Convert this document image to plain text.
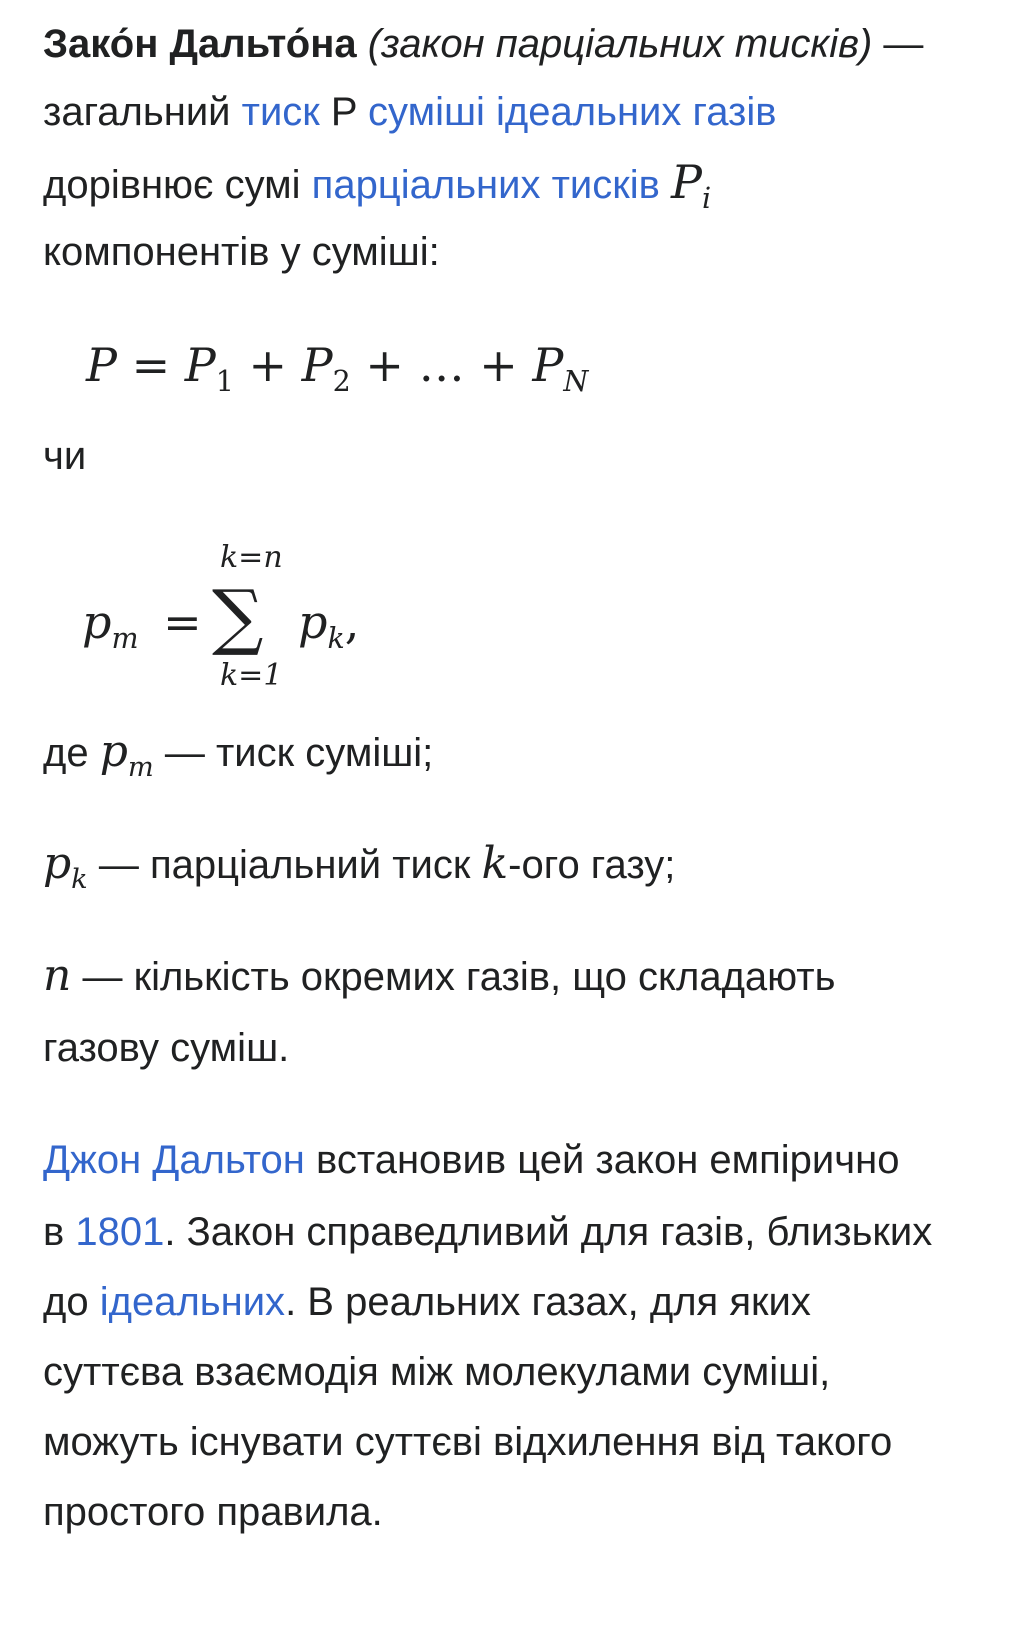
Зако́н Дальто́на (закон парціальних тисків) —
загальний тиск P суміші ідеальних газів
дорівнює сумі парціальних тисків $P_i$
компонентів у суміші:
$P = P_1 + P_2$ + … + $P_N$
чи
$p_m$ =
k=n
∑
k=1
$p_k$,
де $p_m$ — тиск суміші;
$p_k$ — парціальний тиск k-ого газу;
n — кількість окремих газів, що складають
газову суміш.
Джон Дальтон встановив цей закон емпірично
в 1801. Закон справедливий для газів, близьких
до ідеальних. В реальних газах, для яких
суттєва взаємодія між молекулами суміші,
можуть існувати суттєві відхилення від такого
простого правила.
